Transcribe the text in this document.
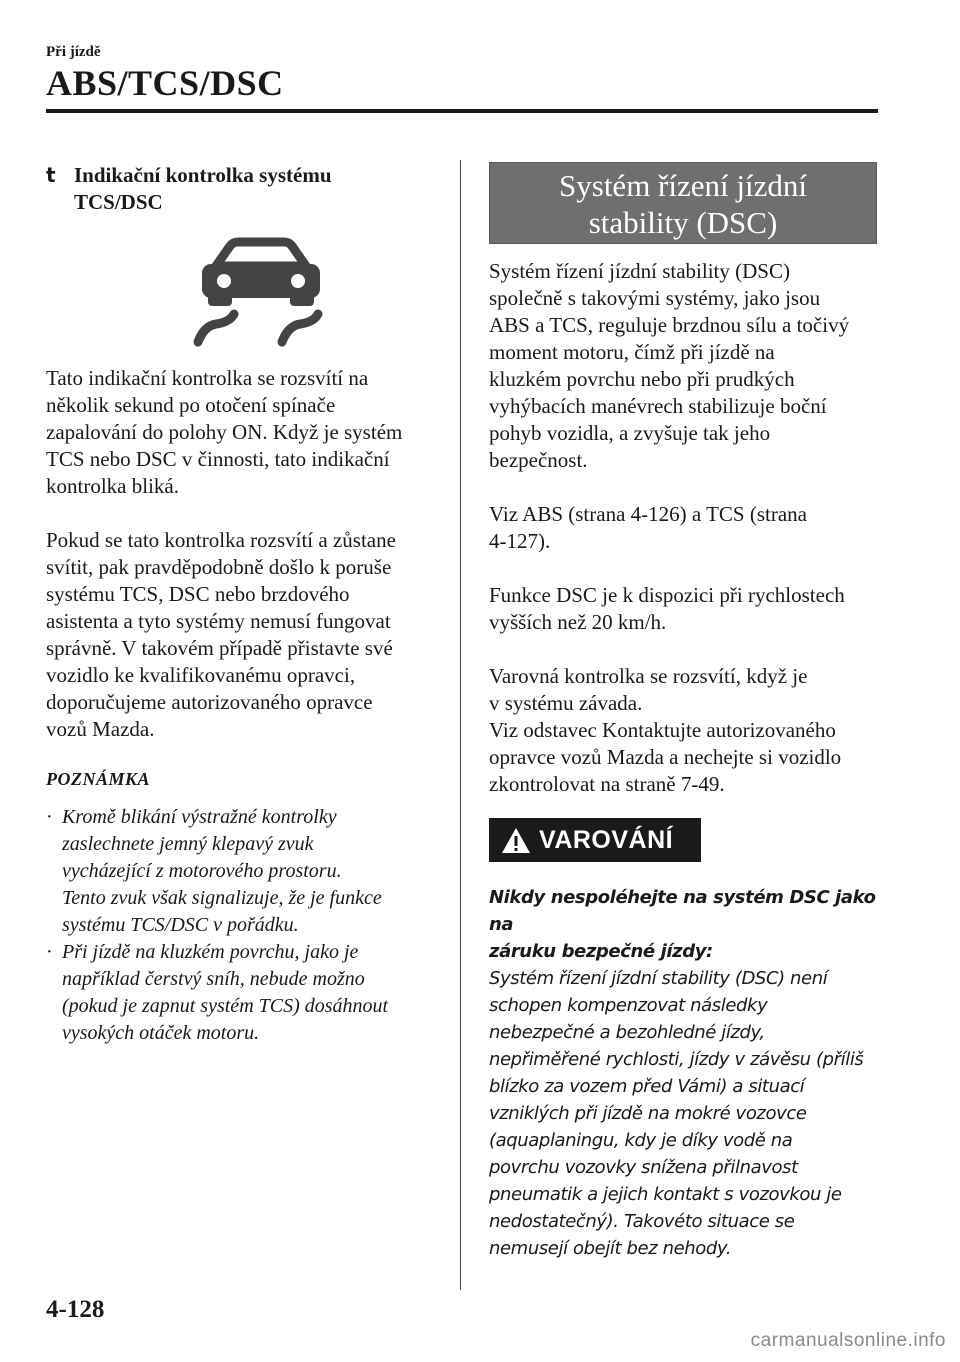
Při jízdě
ABS/TCS/DSC
t Indikační kontrolka systému
TCS/DSC

Tato indikační kontrolka se rozsvítí na
několik sekund po otočení spínače
zapalování do polohy ON. Když je systém
TCS nebo DSC v činnosti, tato indikační
kontrolka bliká.

Pokud se tato kontrolka rozsvítí a zůstane
svítit, pak pravděpodobně došlo k poruše
systému TCS, DSC nebo brzdového
asistenta a tyto systémy nemusí fungovat
správně. V takovém případě přistavte své
vozidlo ke kvalifikovanému opravci,
doporučujeme autorizovaného opravce
vozů Mazda.

POZNÁMKA
· Kromě blikání výstražné kontrolky
zaslechnete jemný klepavý zvuk
vycházející z motorového prostoru.
Tento zvuk však signalizuje, že je funkce
systému TCS/DSC v pořádku.
· Při jízdě na kluzkém povrchu, jako je
například čerstvý sníh, nebude možno
(pokud je zapnut systém TCS) dosáhnout
vysokých otáček motoru.
Systém řízení jízdní
stability (DSC)

Systém řízení jízdní stability (DSC)
společně s takovými systémy, jako jsou
ABS a TCS, reguluje brzdnou sílu a točivý
moment motoru, čímž při jízdě na
kluzkém povrchu nebo při prudkých
vyhýbacích manévrech stabilizuje boční
pohyb vozidla, a zvyšuje tak jeho
bezpečnost.

Viz ABS (strana 4-126) a TCS (strana
4-127).

Funkce DSC je k dispozici při rychlostech
vyšších než 20 km/h.

Varovná kontrolka se rozsvítí, když je
v systému závada.
Viz odstavec Kontaktujte autorizovaného
opravce vozů Mazda a nechejte si vozidlo
zkontrolovat na straně 7-49.

VAROVÁNÍ

Nikdy nespoléhejte na systém DSC jako na
záruku bezpečné jízdy:

Systém řízení jízdní stability (DSC) není
schopen kompenzovat následky
nebezpečné a bezohledné jízdy,
nepřiměřené rychlosti, jízdy v závěsu (příliš
blízko za vozem před Vámi) a situací
vzniklých při jízdě na mokré vozovce
(aquaplaningu, kdy je díky vodě na
povrchu vozovky snížena přilnavost
pneumatik a jejich kontakt s vozovkou je
nedostatečný). Takovéto situace se
nemusejí obejít bez nehody.

4-128
carmanualsonline.info
